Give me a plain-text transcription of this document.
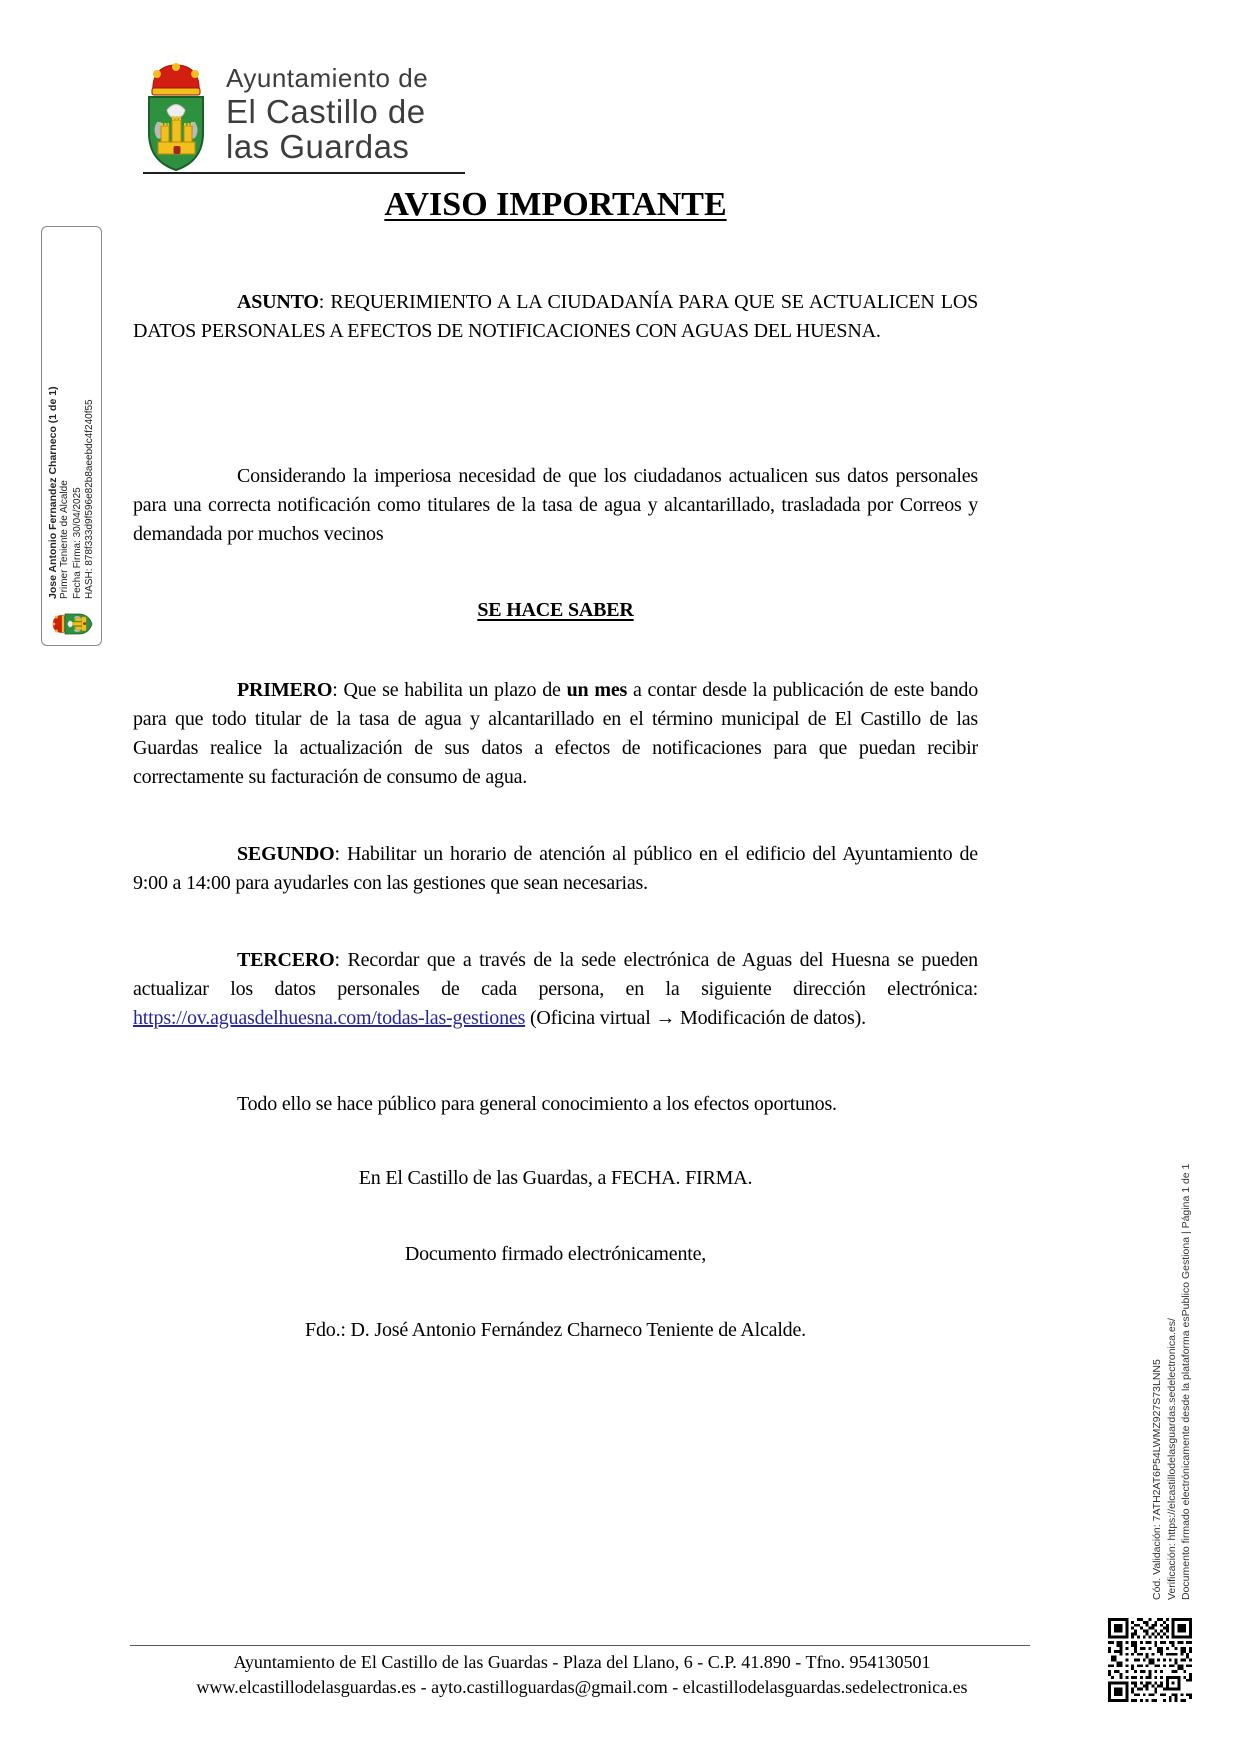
Jose Antonio Fernandez Charneco (1 de 1) Primer Teniente de Alcalde Fecha Firma: 30/04/2025 HASH: 878f333d9f596e82b8aeebdc4f240f55
Ayuntamiento de
El Castillo de
las Guardas
AVISO IMPORTANTE

ASUNTO: REQUERIMIENTO A LA CIUDADANÍA PARA QUE SE ACTUALICEN LOS DATOS PERSONALES A EFECTOS DE NOTIFICACIONES CON AGUAS DEL HUESNA.

Considerando la imperiosa necesidad de que los ciudadanos actualicen sus datos personales para una correcta notificación como titulares de la tasa de agua y alcantarillado, trasladada por Correos y demandada por muchos vecinos

SE HACE SABER

PRIMERO: Que se habilita un plazo de un mes a contar desde la publicación de este bando para que todo titular de la tasa de agua y alcantarillado en el término municipal de El Castillo de las Guardas realice la actualización de sus datos a efectos de notificaciones para que puedan recibir correctamente su facturación de consumo de agua.

SEGUNDO: Habilitar un horario de atención al público en el edificio del Ayuntamiento de 9:00 a 14:00 para ayudarles con las gestiones que sean necesarias.

TERCERO: Recordar que a través de la sede electrónica de Aguas del Huesna se pueden actualizar los datos personales de cada persona, en la siguiente dirección electrónica: https://ov.aguasdelhuesna.com/todas-las-gestiones (Oficina virtual → Modificación de datos).

Todo ello se hace público para general conocimiento a los efectos oportunos.

En El Castillo de las Guardas, a FECHA. FIRMA.

Documento firmado electrónicamente,

Fdo.: D. José Antonio Fernández Charneco Teniente de Alcalde.

Cód. Validación: 7ATH2AT6P54LWMZ927S73LNN5 Verificación: https://elcastillodelasguardas.sedelectronica.es/ Documento firmado electrónicamente desde la plataforma esPublico Gestiona | Página 1 de 1
Ayuntamiento de El Castillo de las Guardas - Plaza del Llano, 6 - C.P. 41.890 - Tfno. 954130501
www.elcastillodelasguardas.es - ayto.castilloguardas@gmail.com - elcastillodelasguardas.sedelectronica.es
